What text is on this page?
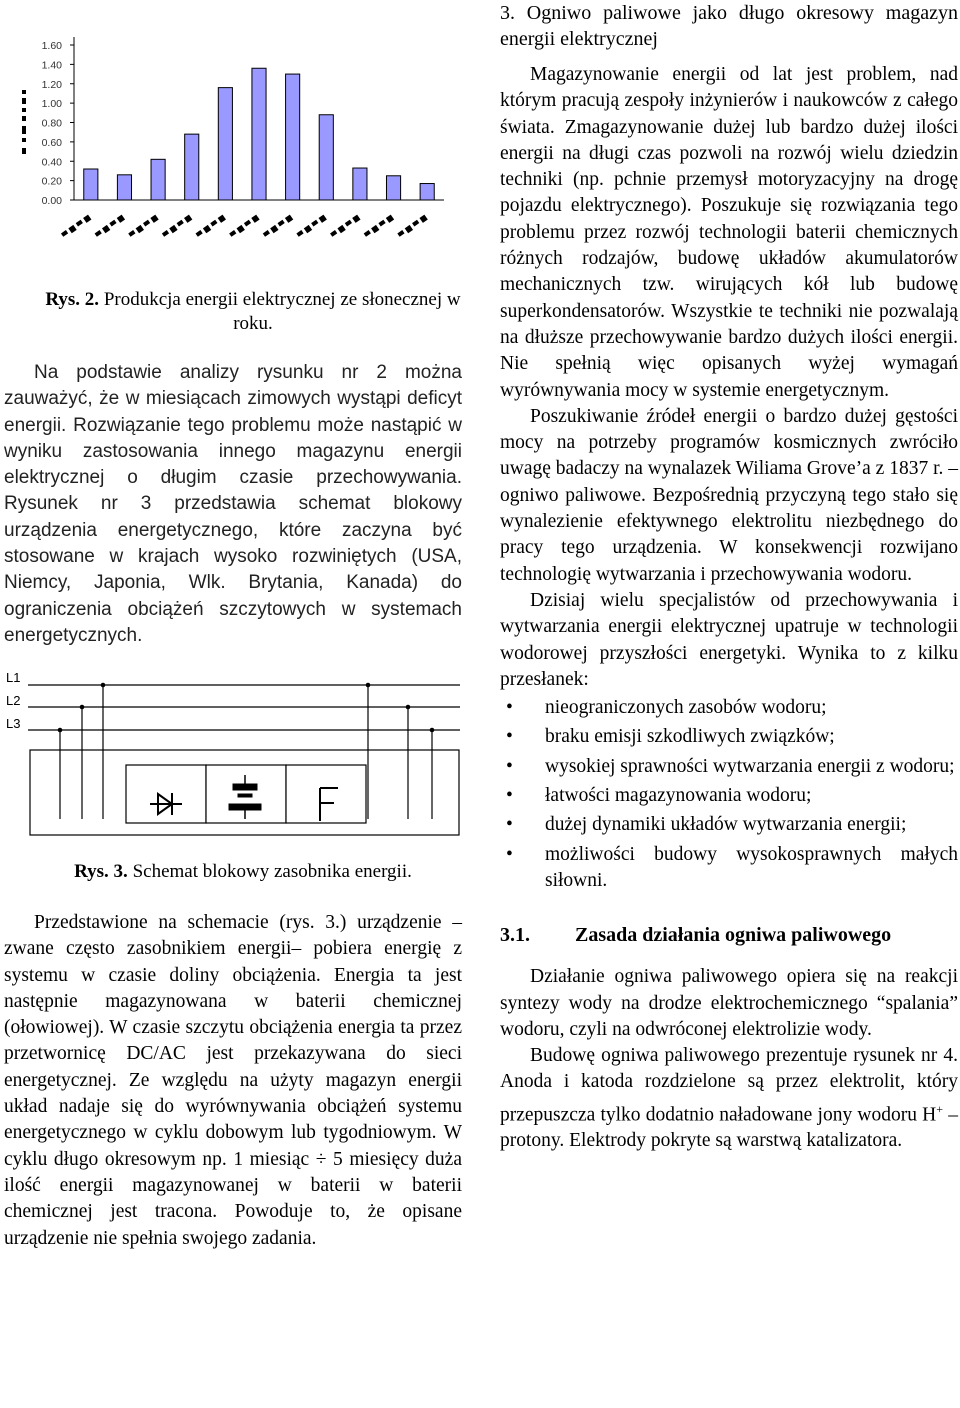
1.60
1.40
1.20
1.00
0.80
0.60
0.40
0.20
0.00
Rys. 2. Produkcja energii elektrycznej ze słonecznej w roku.

Na podstawie analizy rysunku nr 2 można zauważyć, że w miesiącach zimowych wystąpi deficyt energii. Rozwiązanie tego problemu może nastąpić w wyniku zastosowania innego magazynu energii elektrycznej o długim czasie przechowywania. Rysunek nr 3 przedstawia schemat blokowy urządzenia energetycznego, które zaczyna być stosowane w krajach wysoko rozwiniętych (USA, Niemcy, Japonia, Wlk. Brytania, Kanada) do ograniczenia obciążeń szczytowych w systemach energetycznych.

L1
L2
L3
Rys. 3. Schemat blokowy zasobnika energii.

Przedstawione na schemacie (rys. 3.) urządzenie – zwane często zasobnikiem energii– pobiera energię z systemu w czasie doliny obciążenia. Energia ta jest następnie magazynowana w baterii chemicznej (ołowiowej). W czasie szczytu obciążenia energia ta przez przetwornicę DC/AC jest przekazywana do sieci energetycznej. Ze względu na użyty magazyn energii układ nadaje się do wyrównywania obciążeń systemu energetycznego w cyklu dobowym lub tygodniowym. W cyklu długo okresowym np. 1 miesiąc ÷ 5 miesięcy duża ilość energii magazynowanej w baterii w baterii chemicznej jest tracona. Powoduje to, że opisane urządzenie nie spełnia swojego zadania.

3. Ogniwo paliwowe jako długo okresowy magazyn energii elektrycznej

Magazynowanie energii od lat jest problem, nad którym pracują zespoły inżynierów i naukowców z całego świata. Zmagazynowanie dużej lub bardzo dużej ilości energii na długi czas pozwoli na rozwój wielu dziedzin techniki (np. pchnie przemysł motoryzacyjny na drogę pojazdu elektrycznego). Poszukuje się rozwiązania tego problemu przez rozwój technologii baterii chemicznych różnych rodzajów, budowę układów akumulatorów mechanicznych tzw. wirujących kół lub budowę superkondensatorów. Wszystkie te techniki nie pozwalają na dłuższe przechowywanie bardzo dużych ilości energii. Nie spełnią więc opisanych wyżej wymagań wyrównywania mocy w systemie energetycznym.

Poszukiwanie źródeł energii o bardzo dużej gęstości mocy na potrzeby programów kosmicznych zwróciło uwagę badaczy na wynalazek Wiliama Grove’a z 1837 r. – ogniwo paliwowe. Bezpośrednią przyczyną tego stało się wynalezienie efektywnego elektrolitu niezbędnego do pracy tego urządzenia. W konsekwencji rozwijano technologię wytwarzania i przechowywania wodoru.

Dzisiaj wielu specjalistów od przechowywania i wytwarzania energii elektrycznej upatruje w technologii wodorowej przyszłości energetyki. Wynika to z kilku przesłanek:

• nieograniczonych zasobów wodoru;
• braku emisji szkodliwych związków;
• wysokiej sprawności wytwarzania energii z wodoru;
• łatwości magazynowania wodoru;
• dużej dynamiki układów wytwarzania energii;
• możliwości budowy wysokosprawnych małych siłowni.
3.1. Zasada działania ogniwa paliwowego

Działanie ogniwa paliwowego opiera się na reakcji syntezy wody na drodze elektrochemicznego “spalania” wodoru, czyli na odwróconej elektrolizie wody.

Budowę ogniwa paliwowego prezentuje rysunek nr 4. Anoda i katoda rozdzielone są przez elektrolit, który przepuszcza tylko dodatnio naładowane jony wodoru H+ – protony. Elektrody pokryte są warstwą katalizatora.
